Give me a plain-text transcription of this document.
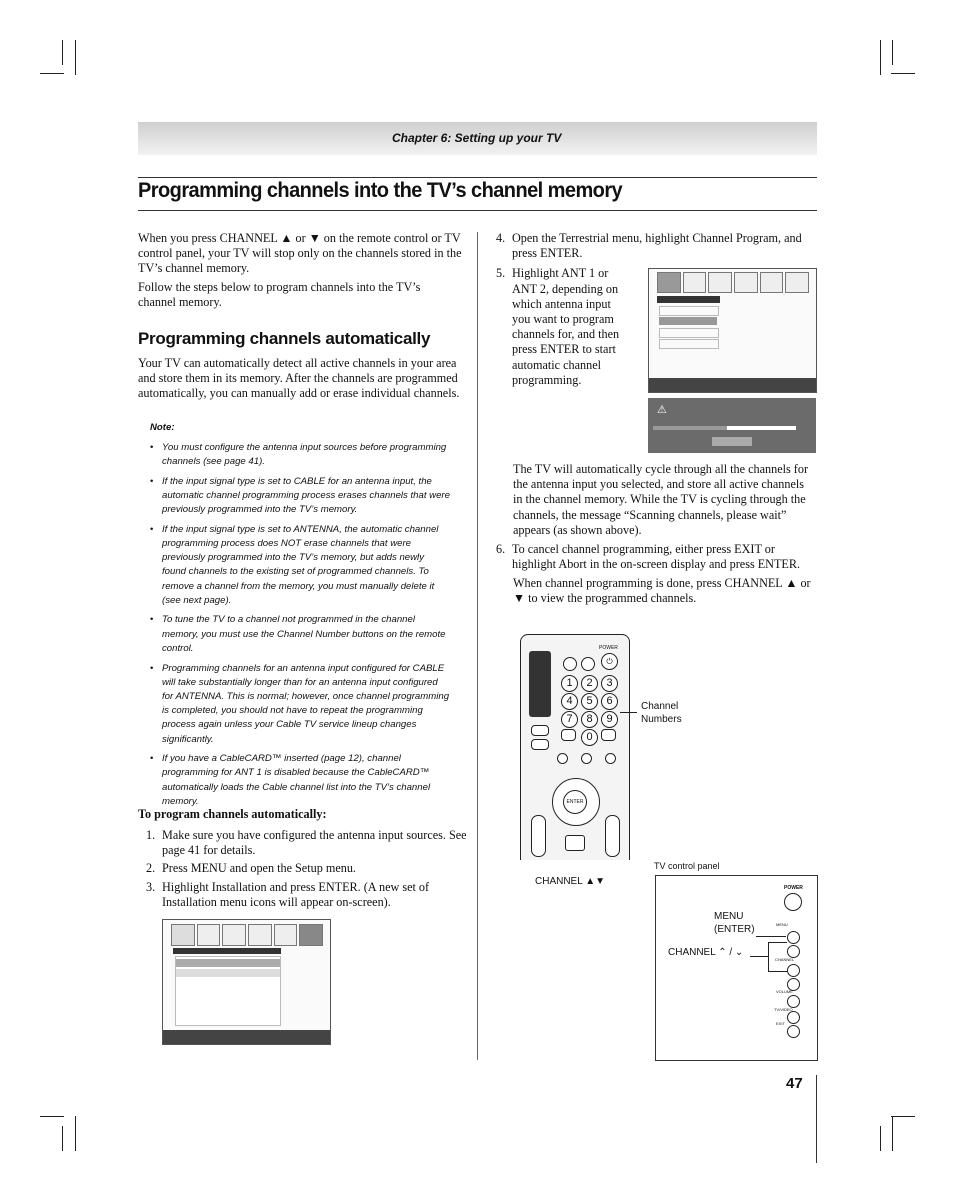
Chapter 6: Setting up your TV
Programming channels into the TV’s channel memory
When you press CHANNEL ▲ or ▼ on the remote control or TV control panel, your TV will stop only on the channels stored in the TV’s channel memory.
Follow the steps below to program channels into the TV’s channel memory.
Programming channels automatically
Your TV can automatically detect all active channels in your area and store them in its memory. After the channels are programmed automatically, you can manually add or erase individual channels.
Note:
• You must configure the antenna input sources before programming channels (see page 41).
• If the input signal type is set to CABLE for an antenna input, the automatic channel programming process erases channels that were previously programmed into the TV’s memory.
• If the input signal type is set to ANTENNA, the automatic channel programming process does NOT erase channels that were previously programmed into the TV’s memory, but adds newly found channels to the existing set of programmed channels. To remove a channel from the memory, you must manually delete it (see next page).
• To tune the TV to a channel not programmed in the channel memory, you must use the Channel Number buttons on the remote control.
• Programming channels for an antenna input configured for CABLE will take substantially longer than for an antenna input configured for ANTENNA. This is normal; however, once channel programming is completed, you should not have to repeat the programming process again unless your Cable TV service lineup changes significantly.
• If you have a CableCARD™ inserted (page 12), channel programming for ANT 1 is disabled because the CableCARD™ automatically loads the Cable channel list into the TV’s channel memory.
To program channels automatically:
1. Make sure you have configured the antenna input sources. See page 41 for details.
2. Press MENU and open the Setup menu.
3. Highlight Installation and press ENTER. (A new set of Installation menu icons will appear on-screen).
4. Open the Terrestrial menu, highlight Channel Program, and press ENTER.
5. Highlight ANT 1 or ANT 2, depending on which antenna input you want to program channels for, and then press ENTER to start automatic channel programming.
⚠
The TV will automatically cycle through all the channels for the antenna input you selected, and store all active channels in the channel memory. While the TV is cycling through the channels, the message “Scanning channels, please wait” appears (as shown above).
6. To cancel channel programming, either press EXIT or highlight Abort in the on-screen display and press ENTER.
When channel programming is done, press CHANNEL ▲ or ▼ to view the programmed channels.
POWER
⏻
1	2	3
4	5	6
7	8	9
0
ENTER
Channel Numbers
CHANNEL ▲▼
TV control panel
POWER
MENU
CHANNEL
VOLUME
TV/VIDEO
EXIT
MENU (ENTER)
CHANNEL ⌃ / ⌄
47
